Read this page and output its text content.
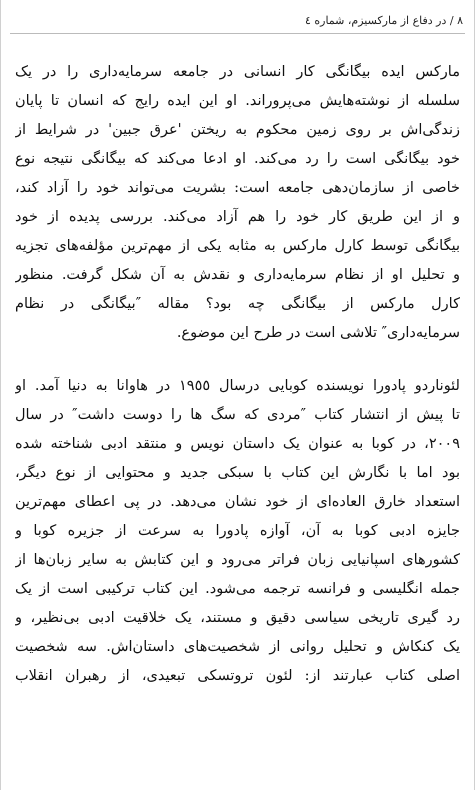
٨ / در دفاع از مارکسیزم، شماره ٤
مارکس ایده بیگانگی کار انسانی در جامعه سرمایه‌داری را در یک
سلسله از نوشته‌هایش می‌پروراند. او این ایده رایج که انسان تا پایان
زندگی‌اش بر روی زمین محکوم به ریختن 'عرق جبین' در شرایط از
خود بیگانگی است را رد می‌کند. او ادعا می‌کند که بیگانگی نتیجه نوع
خاصی از سازمان‌دهی جامعه است: بشریت می‌تواند خود را آزاد کند،
و از این طریق کار خود را هم آزاد می‌کند. بررسی پدیده از خود
بیگانگی توسط کارل مارکس به مثابه یکی از مهم‌ترین مؤلفه‌های تجزیه
و تحلیل او از نظام سرمایه‌داری و نقدش به آن شکل گرفت. منظور
کارل مارکس از بیگانگی چه بود؟ مقاله ″بیگانگی در نظام
سرمایه‌داری″ تلاشی است در طرح این موضوع.
لئوناردو پادورا نویسنده کوبایی درسال ١٩٥٥ در هاوانا به دنیا آمد. او
تا پیش از انتشار کتاب ″مردی که سگ ها را دوست داشت″ در سال
٢٠٠٩، در کوبا به عنوان یک داستان نویس و منتقد ادبی شناخته شده
بود اما با نگارش این کتاب با سبکی جدید و محتوایی از نوع دیگر،
استعداد خارق العاده‌ای از خود نشان می‌دهد. در پی اعطای مهم‌ترین
جایزه ادبی کوبا به آن، آوازه پادورا به سرعت از جزیره کوبا و
کشورهای اسپانیایی زبان فراتر می‌رود و این کتابش به سایر زبان‌ها از
جمله انگلیسی و فرانسه ترجمه می‌شود. این کتاب ترکیبی است از یک
رد گیری تاریخی سیاسی دقیق و مستند، یک خلاقیت ادبی بی‌نظیر، و
یک کنکاش و تحلیل روانی از شخصیت‌های داستان‌اش. سه شخصیت
اصلی کتاب عبارتند از: لئون تروتسکی تبعیدی، از رهبران انقلاب
